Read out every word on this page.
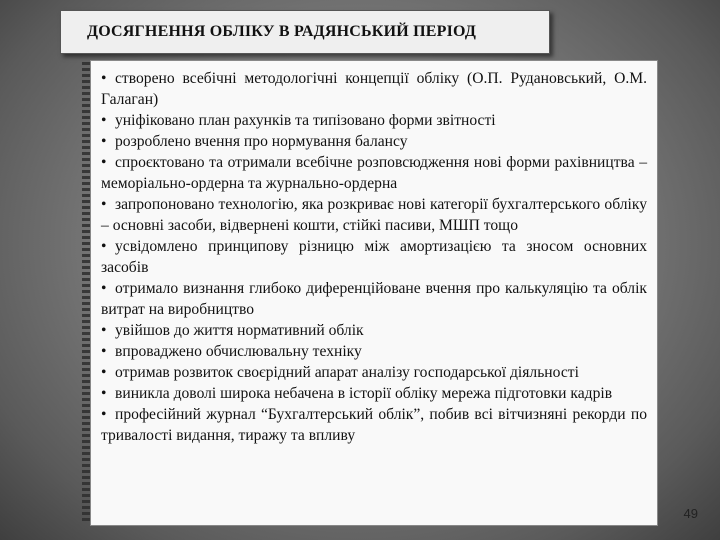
ДОСЯГНЕННЯ ОБЛІКУ В РАДЯНСЬКИЙ ПЕРІОД

• створено всебічні методологічні концепції обліку (О.П. Рудановський, О.М. Галаган)

• уніфіковано план рахунків та типізовано форми звітності

• розроблено вчення про нормування балансу

• спроєктовано та отримали всебічне розповсюдження нові форми рахівництва –меморіально-ордерна та журнально-ордерна

• запропоновано технологію, яка розкриває нові категорії бухгалтерського обліку – основні засоби, відвернені кошти, стійкі пасиви, МШП тощо

• усвідомлено принципову різницю між амортизацією та зносом основних засобів

• отримало визнання глибоко диференційоване вчення про калькуляцію та облік витрат на виробництво

• увійшов до життя нормативний облік

• впроваджено обчислювальну техніку

• отримав розвиток своєрідний апарат аналізу господарської діяльності

• виникла доволі широка небачена в історії обліку мережа підготовки кадрів

• професійний журнал “Бухгалтерський облік”, побив всі вітчизняні рекорди по тривалості видання, тиражу та впливу

49
